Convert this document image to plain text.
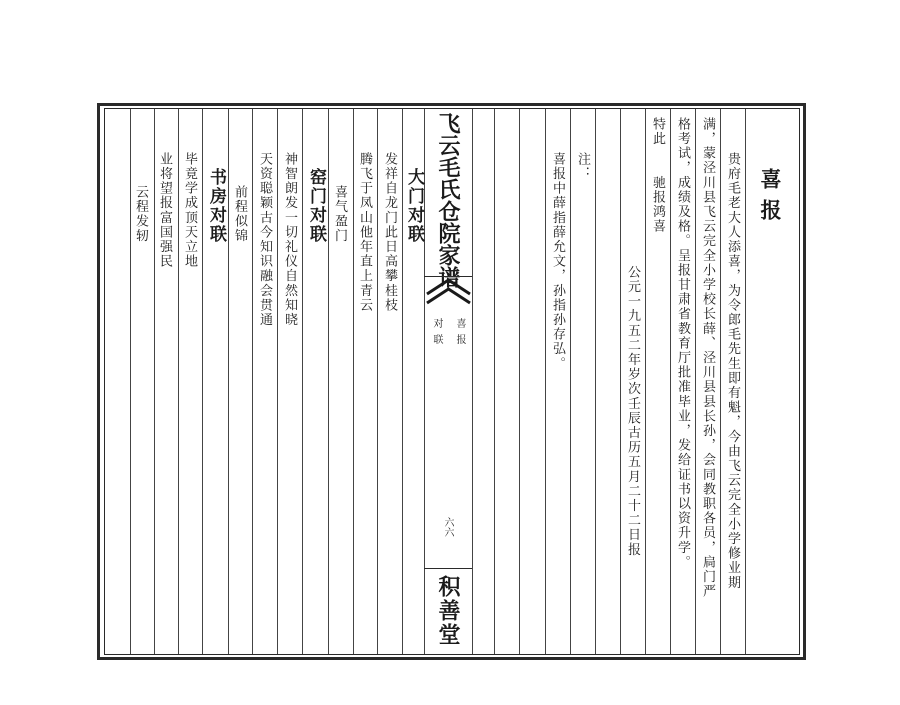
飞云毛氏仓院家谱
喜报
对联
六六
积善堂
喜报
贵府毛老大人添喜，为令郎毛先生即有魁，今由飞云完全小学修业期
满，蒙泾川县飞云完全小学校长薛、泾川县县长孙，会同教职各员，扃门严
格考试，成绩及格。呈报甘肃省教育厅批准毕业，发给证书以资升学。
特此　　驰报鸿喜
公元一九五二年岁次壬辰古历五月二十二日报
注：
喜报中薛指薛允文，孙指孙存弘。
大门对联
发祥自龙门此日高攀桂枝
腾飞于凤山他年直上青云
喜气盈门
窑门对联
神智朗发一切礼仪自然知晓
天资聪颖古今知识融会贯通
前程似锦
书房对联
毕竟学成顶天立地
业将望报富国强民
云程发轫
